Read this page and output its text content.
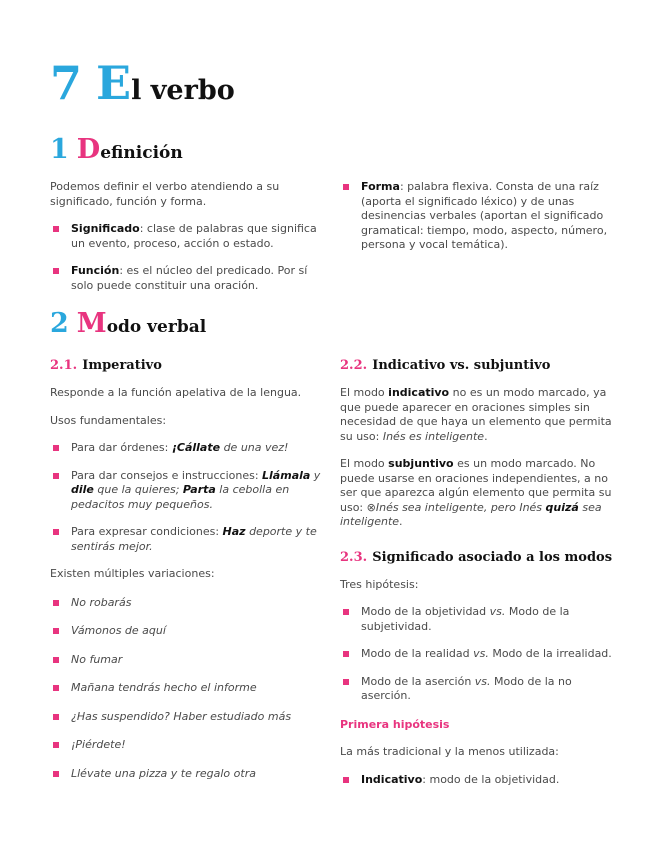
7 El verbo
1 Definición

Podemos definir el verbo atendiendo a su significado, función y forma.

Significado: clase de palabras que significa un evento, proceso, acción o estado.
Función: es el núcleo del predicado. Por sí solo puede constituir una oración.
Forma: palabra flexiva. Consta de una raíz (aporta el significado léxico) y de unas desinencias verbales (aportan el significado gramatical: tiempo, modo, aspecto, número, persona y vocal temática).
2 Modo verbal
2.1. Imperativo

Responde a la función apelativa de la lengua.

Usos fundamentales:

Para dar órdenes: ¡Cállate de una vez!
Para dar consejos e instrucciones: Llámala y dile que la quieres; Parta la cebolla en pedacitos muy pequeños.
Para expresar condiciones: Haz deporte y te sentirás mejor.

Existen múltiples variaciones:

No robarás
Vámonos de aquí
No fumar
Mañana tendrás hecho el informe
¿Has suspendido? Haber estudiado más
¡Piérdete!
Llévate una pizza y te regalo otra
2.2. Indicativo vs. subjuntivo

El modo indicativo no es un modo marcado, ya que puede aparecer en oraciones simples sin necesidad de que haya un elemento que permita su uso: Inés es inteligente.

El modo subjuntivo es un modo marcado. No puede usarse en oraciones independientes, a no ser que aparezca algún elemento que permita su uso: ⊗Inés sea inteligente, pero Inés quizá sea inteligente.

2.3. Significado asociado a los modos

Tres hipótesis:

Modo de la objetividad vs. Modo de la subjetividad.
Modo de la realidad vs. Modo de la irrealidad.
Modo de la aserción vs. Modo de la no aserción.

Primera hipótesis

La más tradicional y la menos utilizada:

Indicativo: modo de la objetividad.
